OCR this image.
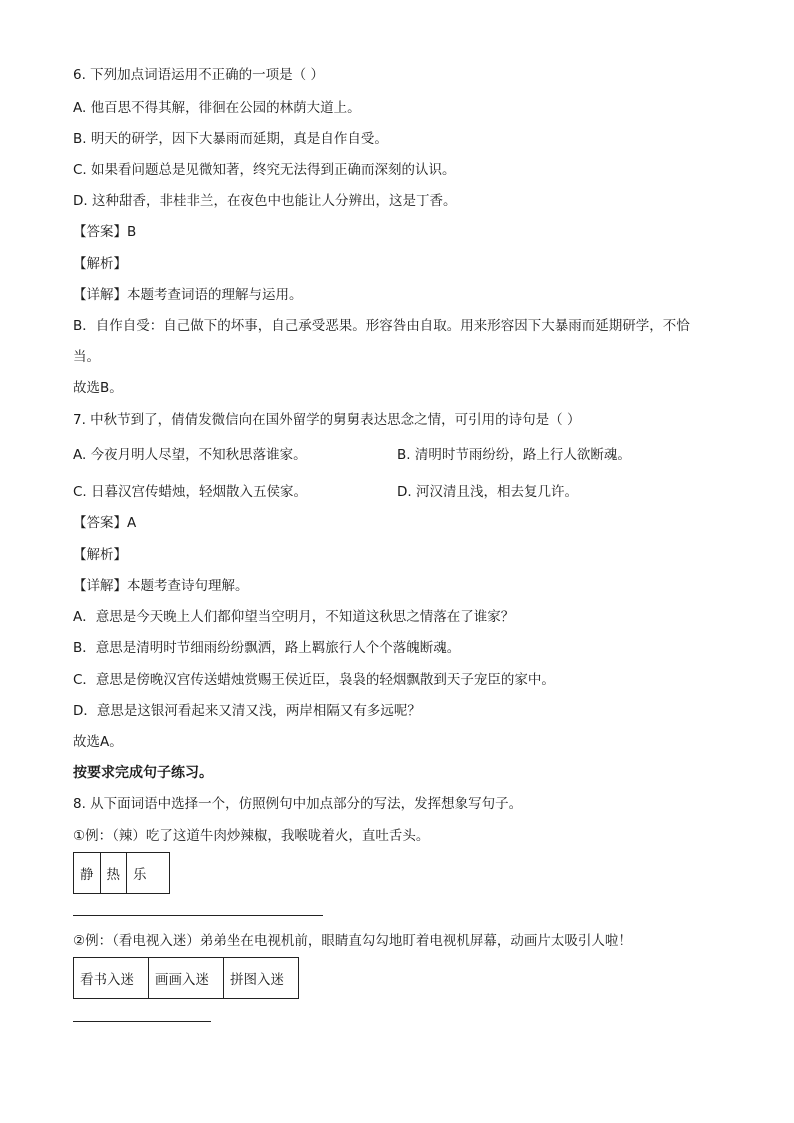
6. 下列加点词语运用不正确的一项是（ ）
A. 他百思不得其解，徘徊在公园的林荫大道上。
B. 明天的研学，因下大暴雨而延期，真是自作自受。
C. 如果看问题总是见微知著，终究无法得到正确而深刻的认识。
D. 这种甜香，非桂非兰，在夜色中也能让人分辨出，这是丁香。
【答案】B
【解析】
【详解】本题考查词语的理解与运用。
B．自作自受：自己做下的坏事，自己承受恶果。形容咎由自取。用来形容因下大暴雨而延期研学，不恰
当。
故选B。
7. 中秋节到了，倩倩发微信向在国外留学的舅舅表达思念之情，可引用的诗句是（ ）
A. 今夜月明人尽望，不知秋思落谁家。	B. 清明时节雨纷纷，路上行人欲断魂。
C. 日暮汉宫传蜡烛，轻烟散入五侯家。	D. 河汉清且浅，相去复几许。
【答案】A
【解析】
【详解】本题考查诗句理解。
A．意思是今天晚上人们都仰望当空明月，不知道这秋思之情落在了谁家？
B．意思是清明时节细雨纷纷飘洒，路上羁旅行人个个落魄断魂。
C．意思是傍晚汉宫传送蜡烛赏赐王侯近臣，袅袅的轻烟飘散到天子宠臣的家中。
D．意思是这银河看起来又清又浅，两岸相隔又有多远呢？
故选A。
按要求完成句子练习。
8. 从下面词语中选择一个，仿照例句中加点部分的写法，发挥想象写句子。
①例：（辣）吃了这道牛肉炒辣椒，我喉咙着火，直吐舌头。
静	热	乐
②例：（看电视入迷）弟弟坐在电视机前，眼睛直勾勾地盯着电视机屏幕，动画片太吸引人啦！
看书入迷	画画入迷	拼图入迷
